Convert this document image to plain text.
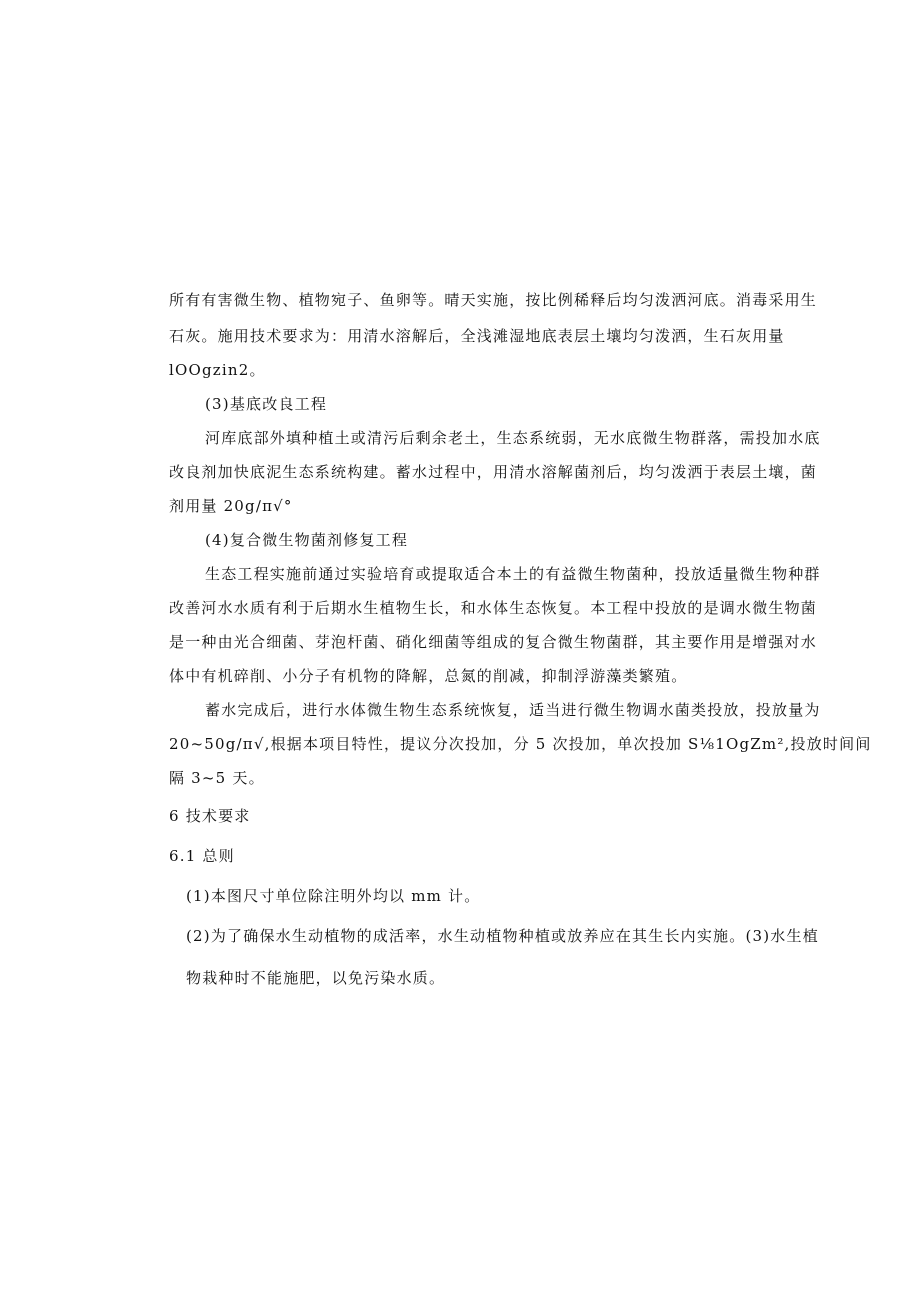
所有有害微生物、植物宛子、鱼卵等。晴天实施，按比例稀释后均匀泼洒河底。消毒采用生
石灰。施用技术要求为：用清水溶解后，全浅滩湿地底表层土壤均匀泼洒，生石灰用量
lOOgzin2。
(3)基底改良工程
河库底部外填种植土或清污后剩余老土，生态系统弱，无水底微生物群落，需投加水底
改良剂加快底泥生态系统构建。蓄水过程中，用清水溶解菌剂后，均匀泼洒于表层土壤，菌
剂用量 20g∕π√°
(4)复合微生物菌剂修复工程
生态工程实施前通过实验培育或提取适合本土的有益微生物菌种，投放适量微生物种群
改善河水水质有利于后期水生植物生长，和水体生态恢复。本工程中投放的是调水微生物菌
是一种由光合细菌、芽泡杆菌、硝化细菌等组成的复合微生物菌群，其主要作用是增强对水
体中有机碎削、小分子有机物的降解，总氮的削减，抑制浮游藻类繁殖。
蓄水完成后，进行水体微生物生态系统恢复，适当进行微生物调水菌类投放，投放量为
20~50g∕π√,根据本项目特性，提议分次投加，分 5 次投加，单次投加 S⅛1OgZm²,投放时间间
隔 3~5 天。
6 技术要求
6.1 总则
(1)本图尺寸单位除注明外均以 mm 计。
(2)为了确保水生动植物的成活率，水生动植物种植或放养应在其生长内实施。(3)水生植
物栽种时不能施肥，以免污染水质。
